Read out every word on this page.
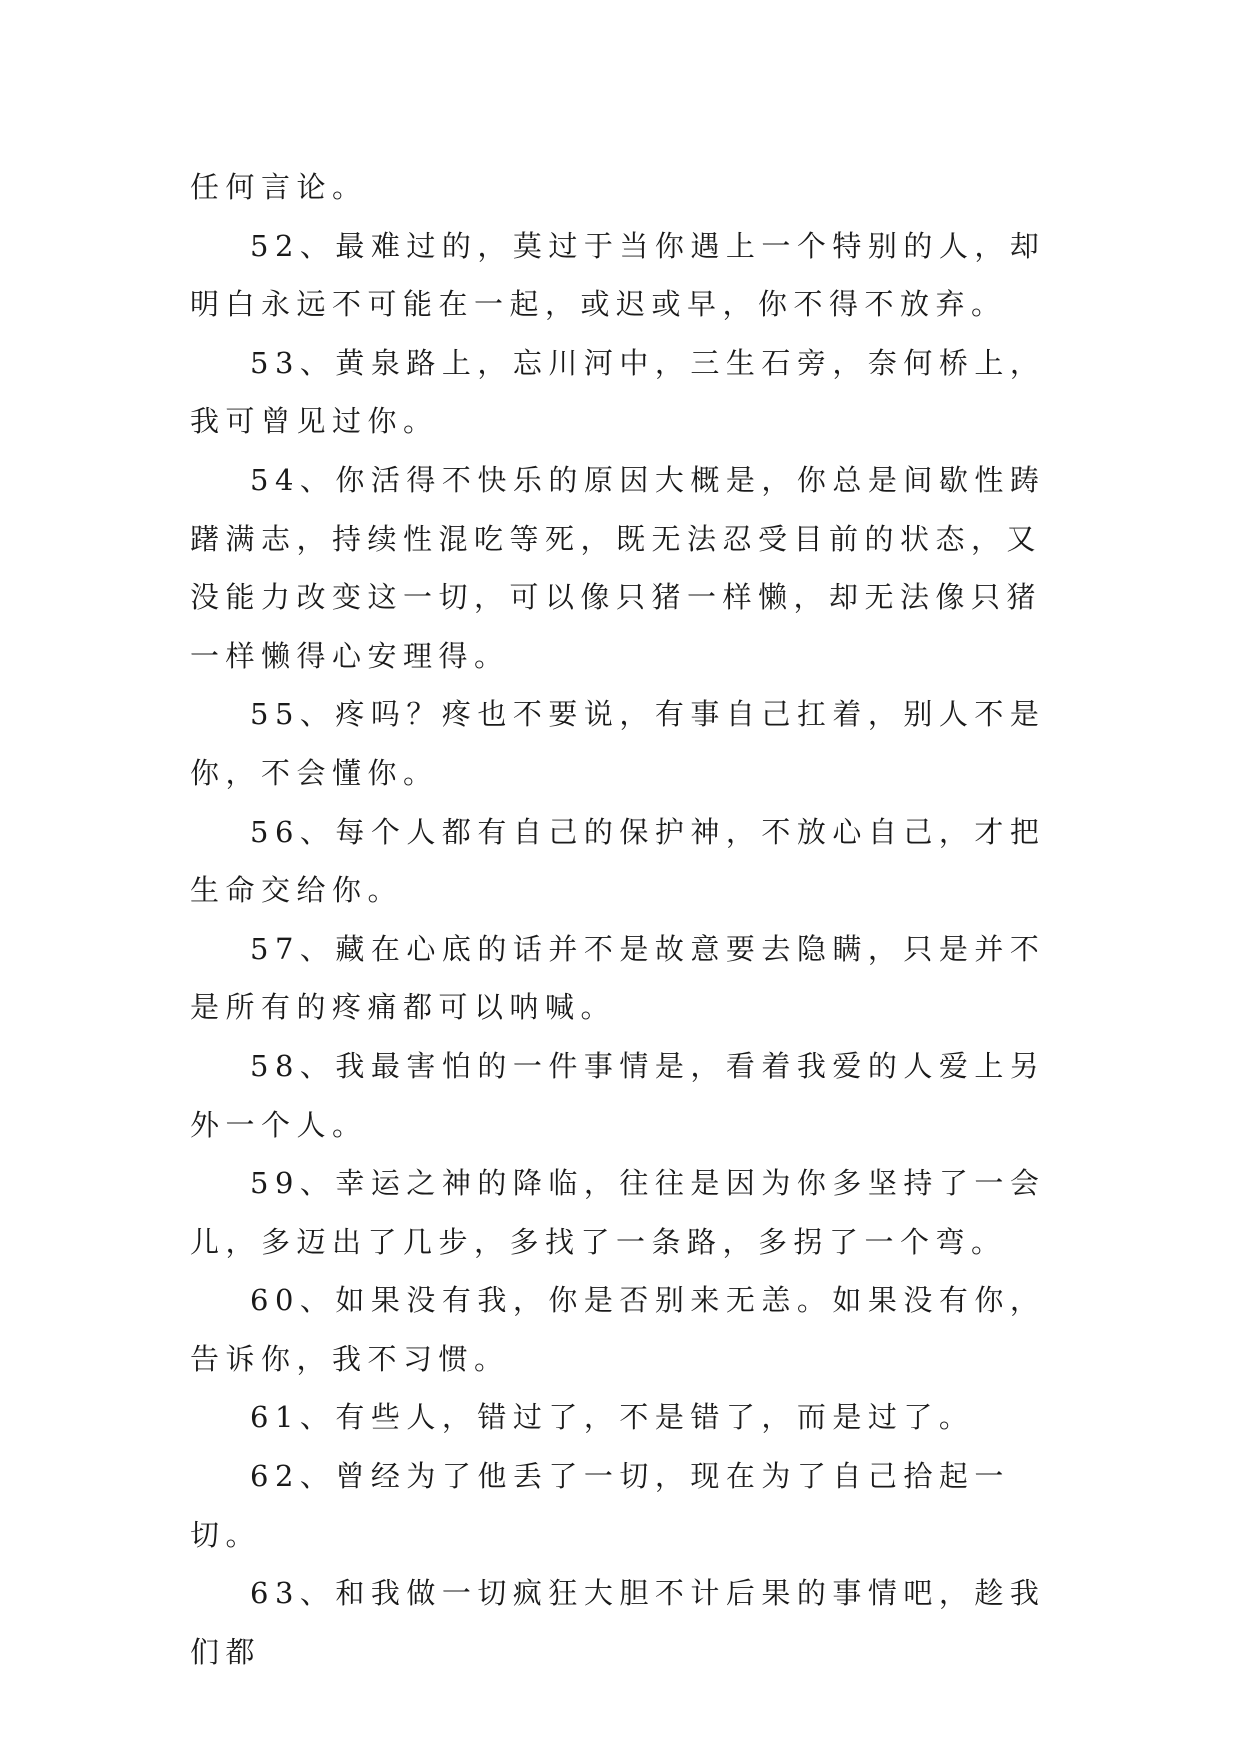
任何言论。

52、最难过的，莫过于当你遇上一个特别的人，却明白永远不可能在一起，或迟或早，你不得不放弃。

53、黄泉路上，忘川河中，三生石旁，奈何桥上，我可曾见过你。

54、你活得不快乐的原因大概是，你总是间歇性踌躇满志，持续性混吃等死，既无法忍受目前的状态，又没能力改变这一切，可以像只猪一样懒，却无法像只猪一样懒得心安理得。

55、疼吗？疼也不要说，有事自己扛着，别人不是你，不会懂你。

56、每个人都有自己的保护神，不放心自己，才把生命交给你。

57、藏在心底的话并不是故意要去隐瞒，只是并不是所有的疼痛都可以呐喊。

58、我最害怕的一件事情是，看着我爱的人爱上另外一个人。

59、幸运之神的降临，往往是因为你多坚持了一会儿，多迈出了几步，多找了一条路，多拐了一个弯。

60、如果没有我，你是否别来无恙。如果没有你，告诉你，我不习惯。

61、有些人，错过了，不是错了，而是过了。

62、曾经为了他丢了一切，现在为了自己拾起一切。

63、和我做一切疯狂大胆不计后果的事情吧，趁我们都
